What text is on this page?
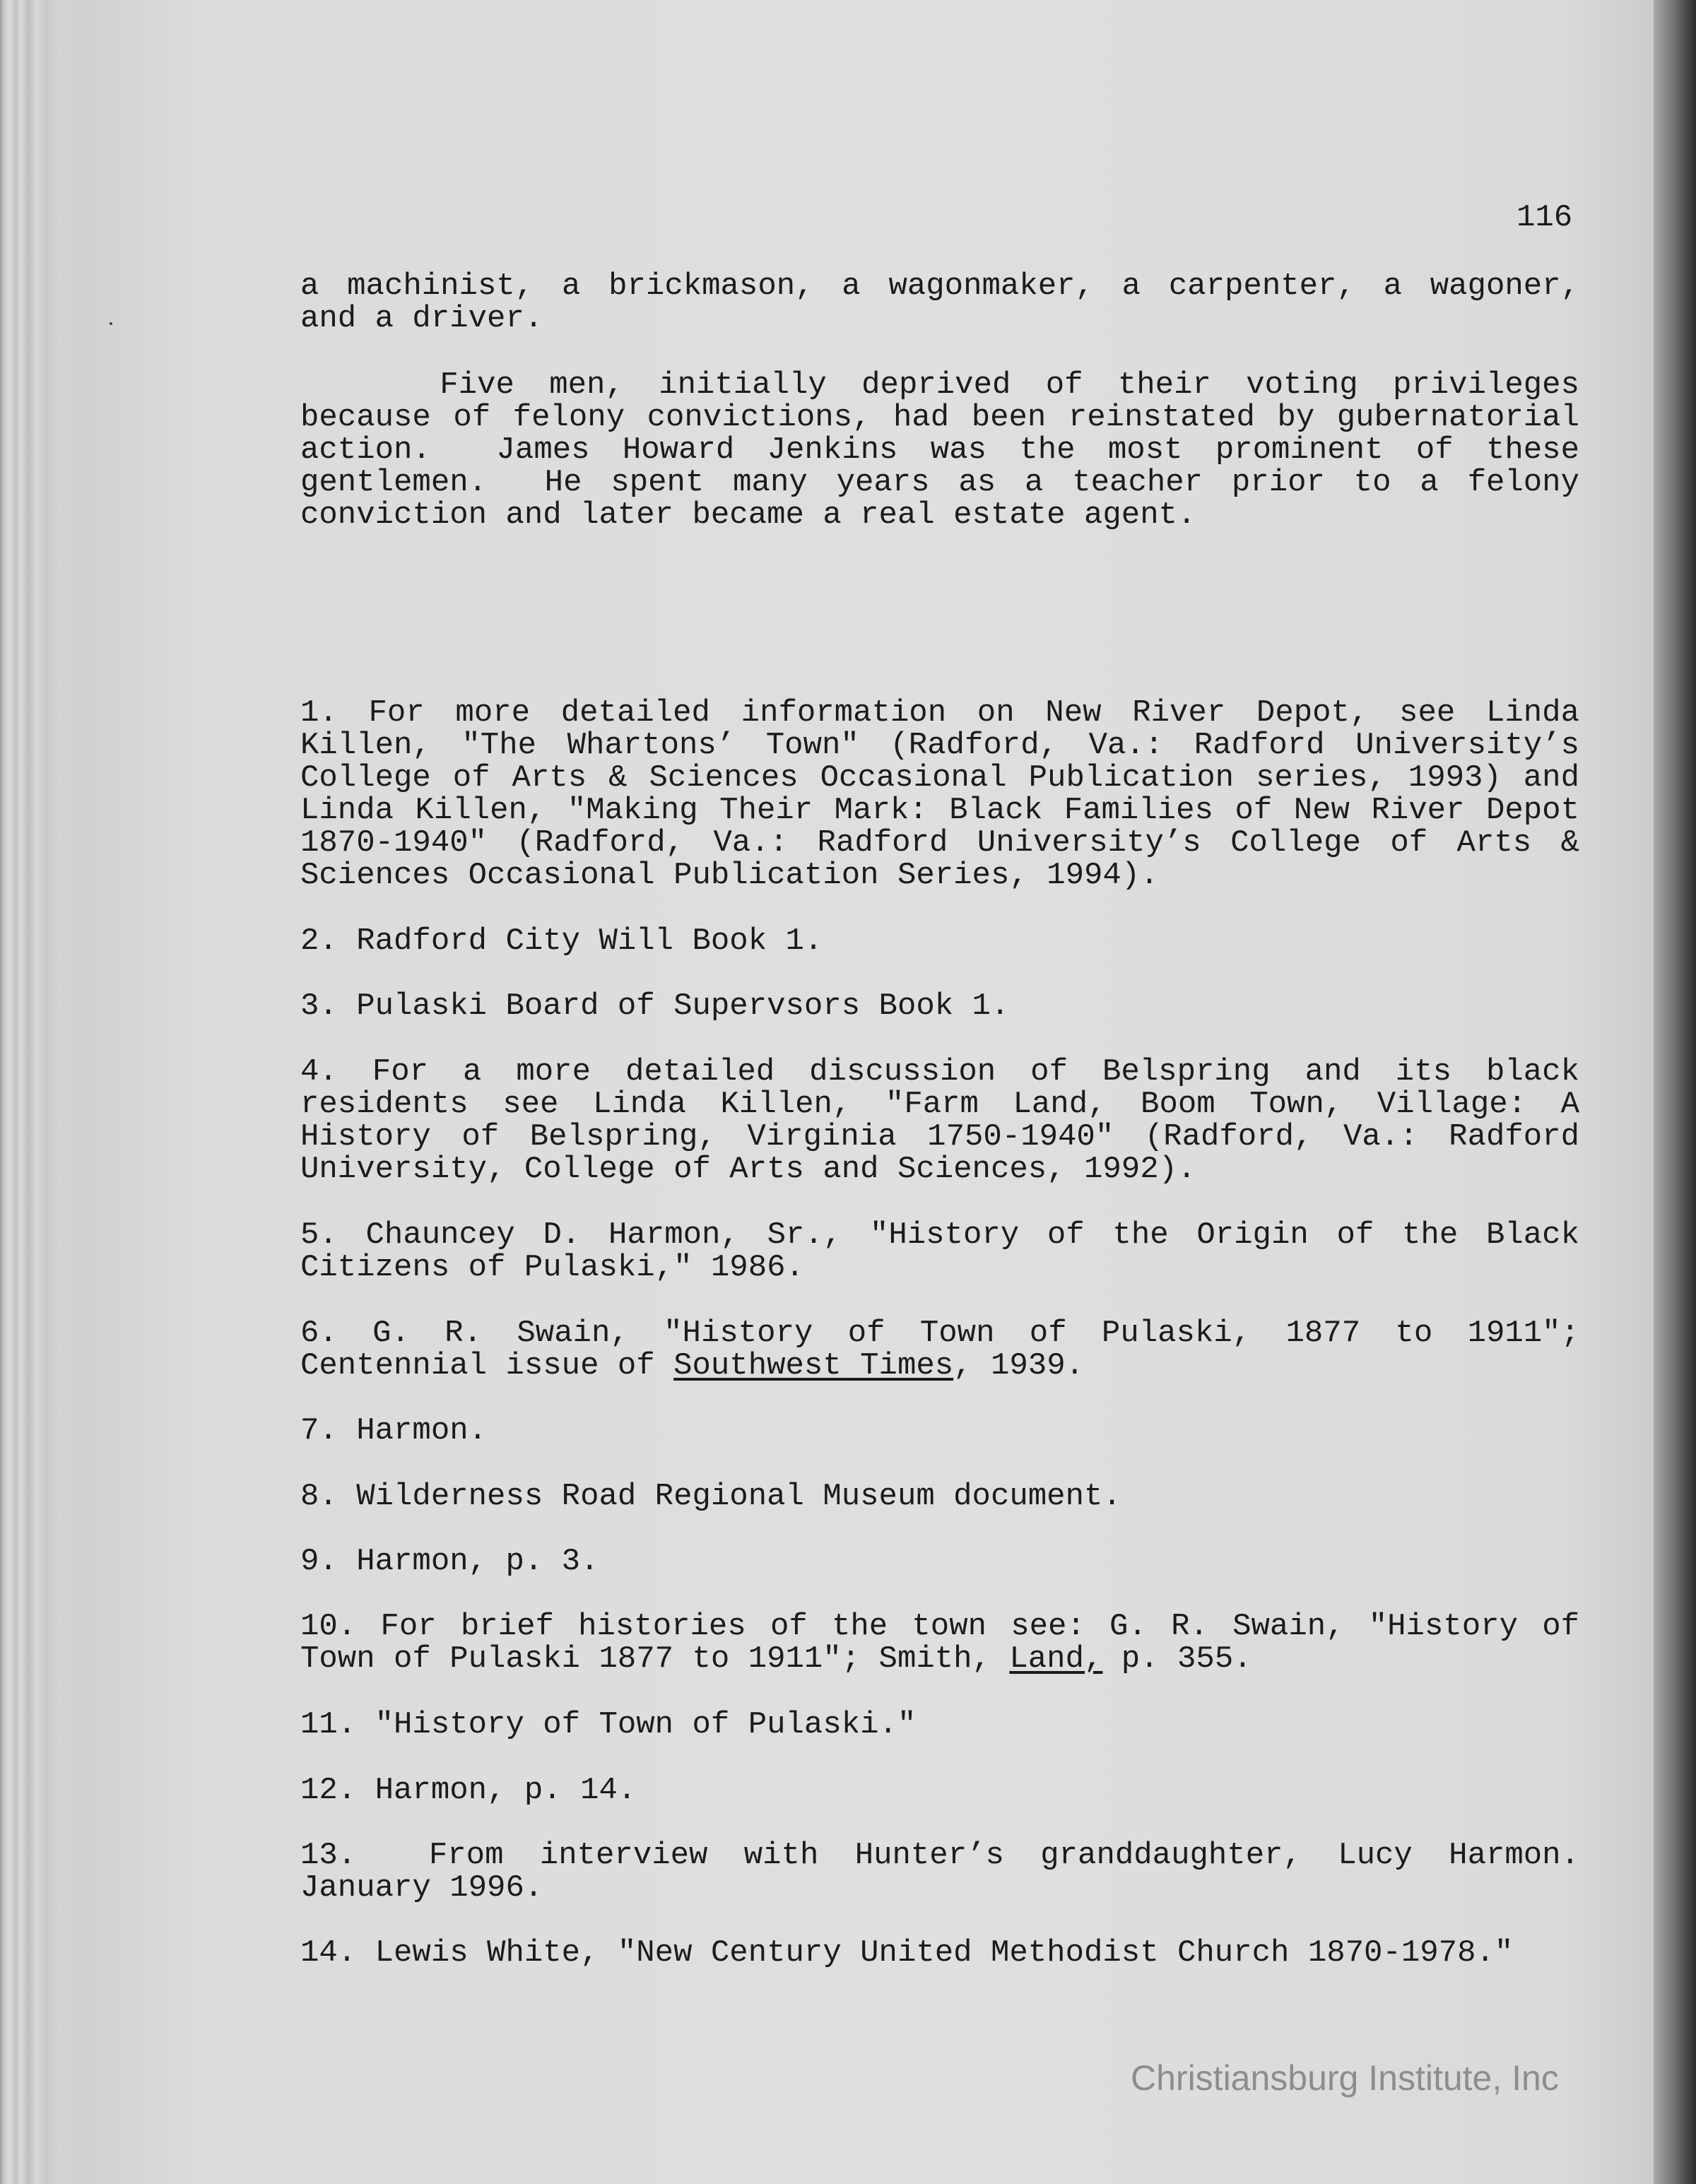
116
a machinist, a brickmason, a wagonmaker, a carpenter, a wagoner,
and a driver.
Five men, initially deprived of their voting privileges
because of felony convictions, had been reinstated by gubernatorial
action.  James Howard Jenkins was the most prominent of these
gentlemen.  He spent many years as a teacher prior to a felony
conviction and later became a real estate agent.
1. For more detailed information on New River Depot, see Linda
Killen, "The Whartons’ Town" (Radford, Va.: Radford University’s
College of Arts & Sciences Occasional Publication series, 1993) and
Linda Killen, "Making Their Mark: Black Families of New River Depot
1870-1940" (Radford, Va.: Radford University’s College of Arts &
Sciences Occasional Publication Series, 1994).
2. Radford City Will Book 1.
3. Pulaski Board of Supervsors Book 1.
4. For a more detailed discussion of Belspring and its black
residents see Linda Killen, "Farm Land, Boom Town, Village: A
History of Belspring, Virginia 1750-1940" (Radford, Va.: Radford
University, College of Arts and Sciences, 1992).
5. Chauncey D. Harmon, Sr., "History of the Origin of the Black
Citizens of Pulaski," 1986.
6. G. R. Swain, "History of Town of Pulaski, 1877 to 1911";
Centennial issue of Southwest Times, 1939.
7. Harmon.
8. Wilderness Road Regional Museum document.
9. Harmon, p. 3.
10. For brief histories of the town see: G. R. Swain, "History of
Town of Pulaski 1877 to 1911"; Smith, Land, p. 355.
11. "History of Town of Pulaski."
12. Harmon, p. 14.
13.  From interview with Hunter’s granddaughter, Lucy Harmon.
January 1996.
14. Lewis White, "New Century United Methodist Church 1870-1978."
Christiansburg Institute, Inc
